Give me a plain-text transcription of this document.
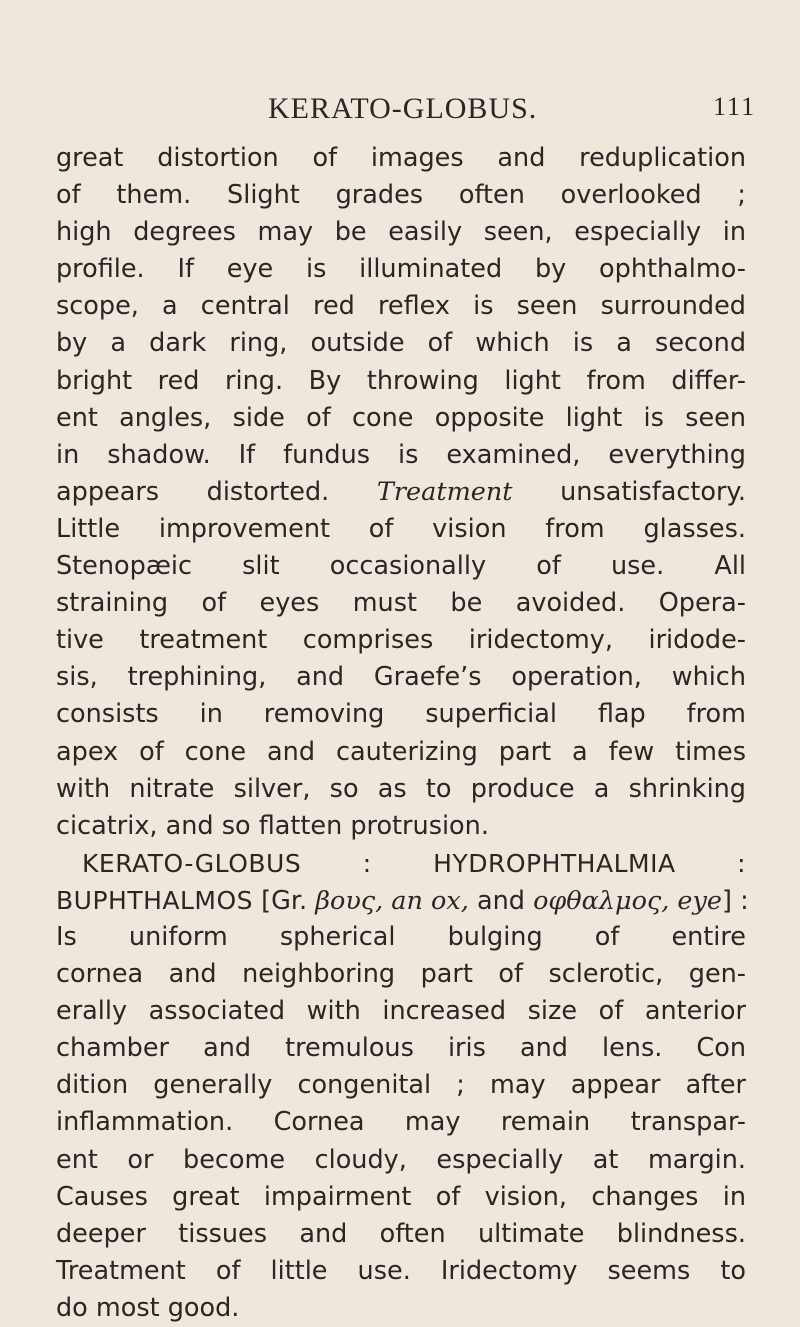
KERATO-GLOBUS.	111
great distortion of images and reduplication
of them. Slight grades often overlooked ;
high degrees may be easily seen, especially in
profile. If eye is illuminated by ophthalmo-
scope, a central red reflex is seen surrounded
by a dark ring, outside of which is a second
bright red ring. By throwing light from differ-
ent angles, side of cone opposite light is seen
in shadow. If fundus is examined, everything
appears distorted. Treatment unsatisfactory.
Little improvement of vision from glasses.
Stenopæic slit occasionally of use. All
straining of eyes must be avoided. Opera-
tive treatment comprises iridectomy, iridode-
sis, trephining, and Graefe’s operation, which
consists in removing superficial flap from
apex of cone and cauterizing part a few times
with nitrate silver, so as to produce a shrinking
cicatrix, and so flatten protrusion.
KERATO-GLOBUS : HYDROPHTHALMIA :
BUPHTHALMOS [Gr. βους, an ox, and οφθαλμος, eye] :
Is uniform spherical bulging of entire
cornea and neighboring part of sclerotic, gen-
erally associated with increased size of anterior
chamber and tremulous iris and lens. Con
dition generally congenital ; may appear after
inflammation. Cornea may remain transpar-
ent or become cloudy, especially at margin.
Causes great impairment of vision, changes in
deeper tissues and often ultimate blindness.
Treatment of little use. Iridectomy seems to
do most good.
